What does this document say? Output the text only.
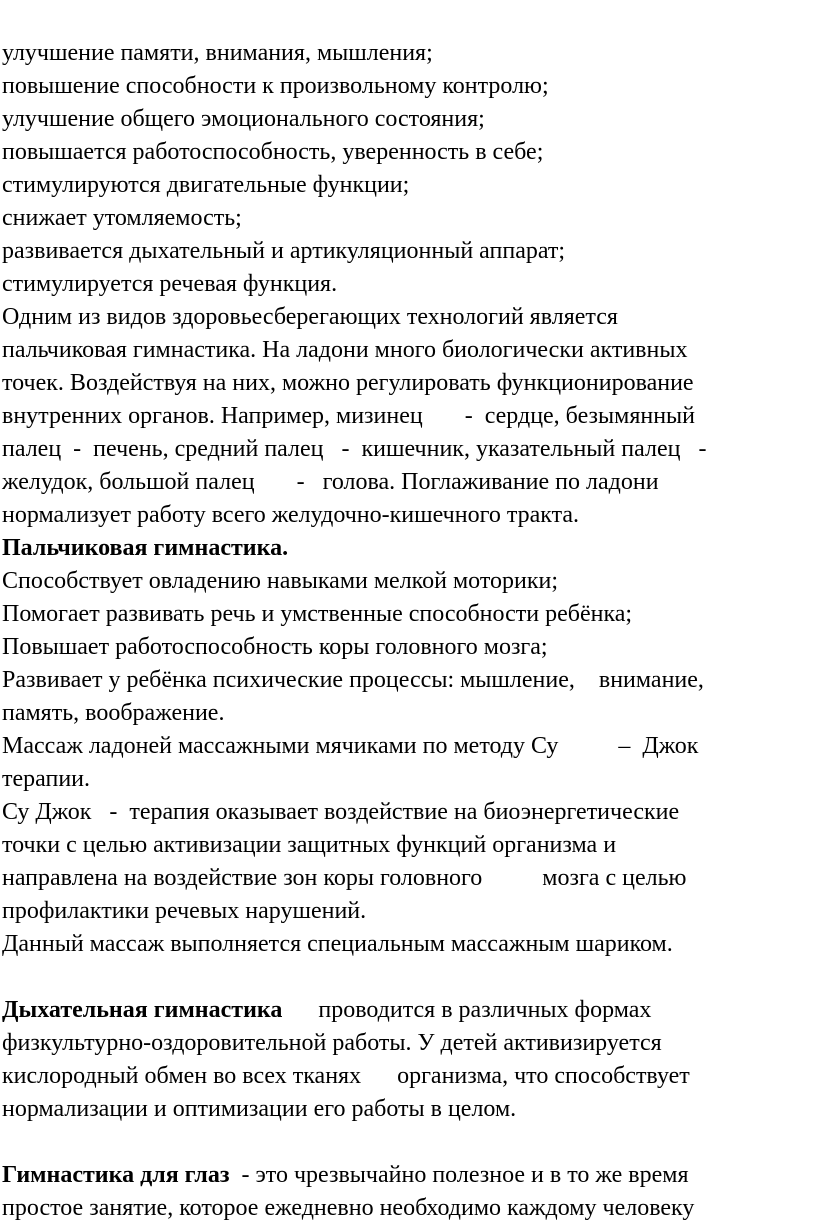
улучшение памяти, внимания, мышления;
повышение способности к произвольному контролю;
улучшение общего эмоционального состояния;
повышается работоспособность, уверенность в себе;
стимулируются двигательные функции;
снижает утомляемость;
развивается дыхательный и артикуляционный аппарат;
стимулируется речевая функция.
Одним из видов здоровьесберегающих технологий является
пальчиковая гимнастика. На ладони много биологически активных
точек. Воздействуя на них, можно регулировать функционирование
внутренних органов. Например, мизинец       -  сердце, безымянный
палец  -  печень, средний палец   -  кишечник, указательный палец   -
желудок, большой палец       -   голова. Поглаживание по ладони
нормализует работу всего желудочно-кишечного тракта.
Пальчиковая гимнастика.
Способствует овладению навыками мелкой моторики;
Помогает развивать речь и умственные способности ребёнка;
Повышает работоспособность коры головного мозга;
Развивает у ребёнка психические процессы: мышление,    внимание,
память, воображение.
Массаж ладоней массажными мячиками по методу Су          –  Джок
терапии.
Су Джок   -  терапия оказывает воздействие на биоэнергетические
точки с целью активизации защитных функций организма и
направлена на воздействие зон коры головного          мозга с целью
профилактики речевых нарушений.
Данный массаж выполняется специальным массажным шариком.
Дыхательная гимнастика      проводится в различных формах
физкультурно-оздоровительной работы. У детей активизируется
кислородный обмен во всех тканях      организма, что способствует
нормализации и оптимизации его работы в целом.
Гимнастика для глаз  - это чрезвычайно полезное и в то же время
простое занятие, которое ежедневно необходимо каждому человеку
